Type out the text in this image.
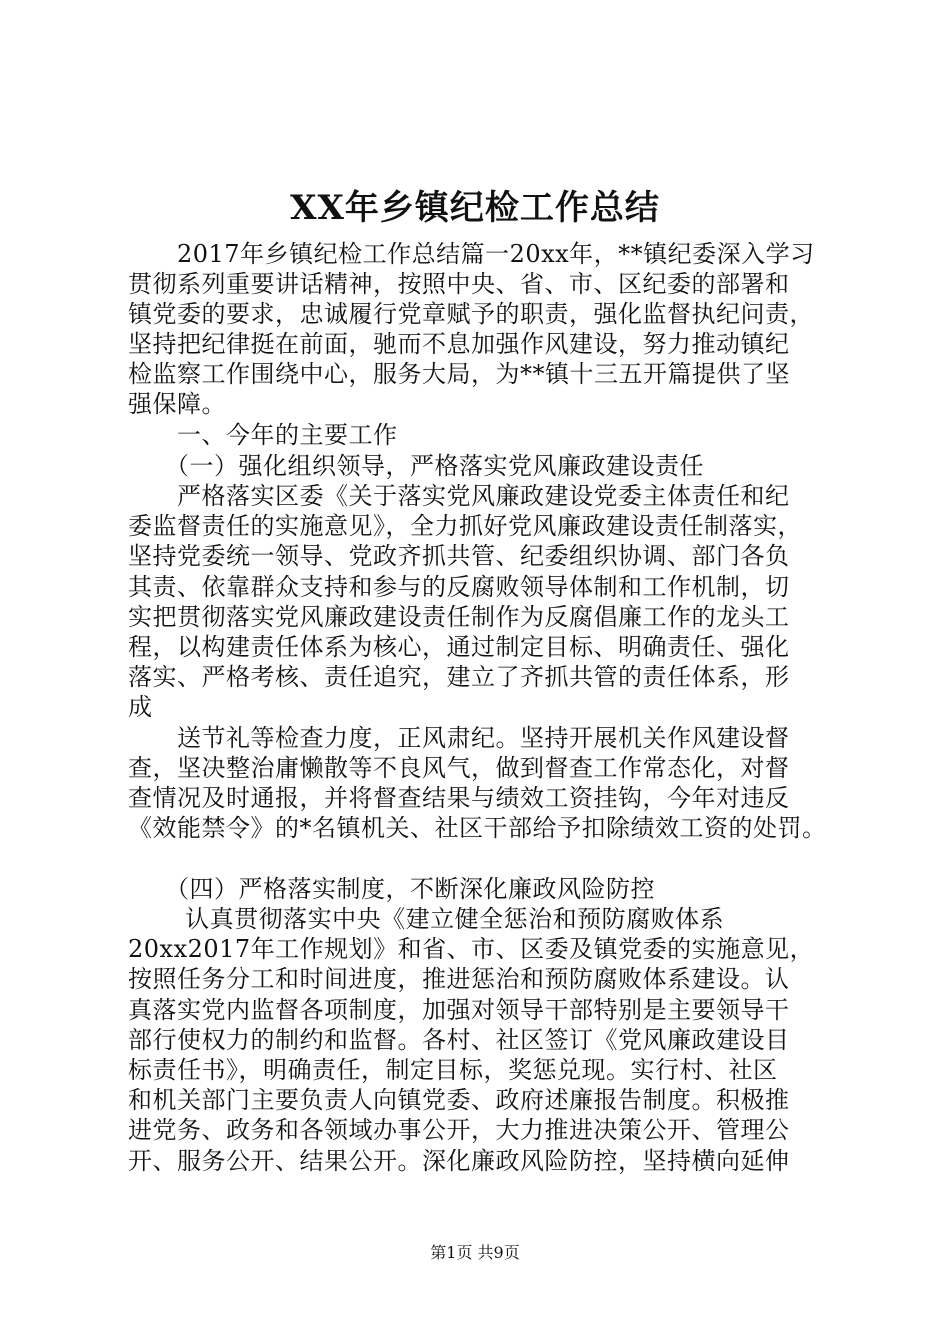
XX年乡镇纪检工作总结
　　2017年乡镇纪检工作总结篇一20xx年，**镇纪委深入学习
贯彻系列重要讲话精神，按照中央、省、市、区纪委的部署和
镇党委的要求，忠诚履行党章赋予的职责，强化监督执纪问责，
坚持把纪律挺在前面，驰而不息加强作风建设，努力推动镇纪
检监察工作围绕中心，服务大局，为**镇十三五开篇提供了坚
强保障。
　　一、今年的主要工作
　　（一）强化组织领导，严格落实党风廉政建设责任
　　严格落实区委《关于落实党风廉政建设党委主体责任和纪
委监督责任的实施意见》，全力抓好党风廉政建设责任制落实，
坚持党委统一领导、党政齐抓共管、纪委组织协调、部门各负
其责、依靠群众支持和参与的反腐败领导体制和工作机制，切
实把贯彻落实党风廉政建设责任制作为反腐倡廉工作的龙头工
程，以构建责任体系为核心，通过制定目标、明确责任、强化
落实、严格考核、责任追究，建立了齐抓共管的责任体系，形
成
　　送节礼等检查力度，正风肃纪。坚持开展机关作风建设督
查，坚决整治庸懒散等不良风气，做到督查工作常态化，对督
查情况及时通报，并将督查结果与绩效工资挂钩，今年对违反
《效能禁令》的*名镇机关、社区干部给予扣除绩效工资的处罚。
　　（四）严格落实制度，不断深化廉政风险防控
　　 认真贯彻落实中央《建立健全惩治和预防腐败体系
20xx2017年工作规划》和省、市、区委及镇党委的实施意见，
按照任务分工和时间进度，推进惩治和预防腐败体系建设。认
真落实党内监督各项制度，加强对领导干部特别是主要领导干
部行使权力的制约和监督。各村、社区签订《党风廉政建设目
标责任书》，明确责任，制定目标，奖惩兑现。实行村、社区
和机关部门主要负责人向镇党委、政府述廉报告制度。积极推
进党务、政务和各领域办事公开，大力推进决策公开、管理公
开、服务公开、结果公开。深化廉政风险防控，坚持横向延伸
第1页 共9页
